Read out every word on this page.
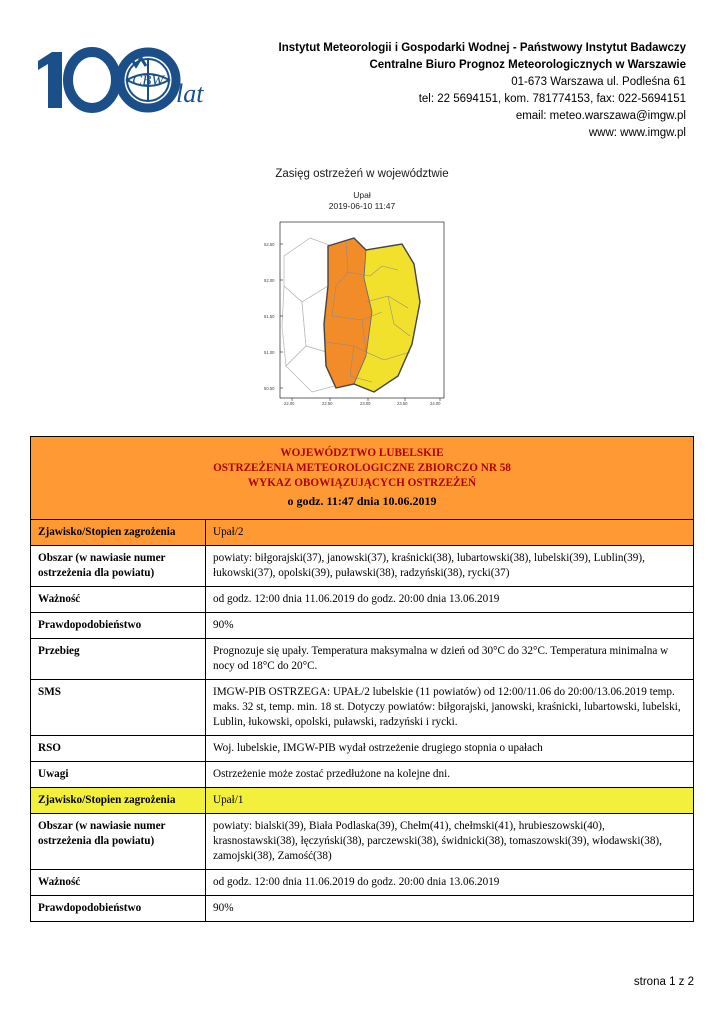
CBW lat
Instytut Meteorologii i Gospodarki Wodnej - Państwowy Instytut Badawczy
Centralne Biuro Prognoz Meteorologicznych w Warszawie
01-673 Warszawa ul. Podleśna 61
tel: 22 5694151, kom. 781774153, fax: 022-5694151
email: meteo.warszawa@imgw.pl
www: www.imgw.pl
Zasięg ostrzeżeń w województwie
Upał
2019-06-10 11:47
22.00	22.50	23.00	23.50	24.00
52.50
52.00
51.50
51.00
50.50
WOJEWÓDZTWO LUBELSKIE
OSTRZEŻENIA METEOROLOGICZNE ZBIORCZO NR 58
WYKAZ OBOWIĄZUJĄCYCH OSTRZEŻEŃ
o godz. 11:47 dnia 10.06.2019	

Zjawisko/Stopien zagrożenia	Upał/2
Obszar (w nawiasie numer ostrzeżenia dla powiatu)	powiaty: biłgorajski(37), janowski(37), kraśnicki(38), lubartowski(38), lubelski(39), Lublin(39), łukowski(37), opolski(39), puławski(38), radzyński(38), rycki(37)
Ważność	od godz. 12:00 dnia 11.06.2019 do godz. 20:00 dnia 13.06.2019
Prawdopodobieństwo	90%
Przebieg	Prognozuje się upały. Temperatura maksymalna w dzień od 30°C do 32°C. Temperatura minimalna w nocy od 18°C do 20°C.
SMS	IMGW-PIB OSTRZEGA: UPAŁ/2 lubelskie (11 powiatów) od 12:00/11.06 do 20:00/13.06.2019 temp. maks. 32 st, temp. min. 18 st. Dotyczy powiatów: biłgorajski, janowski, kraśnicki, lubartowski, lubelski, Lublin, łukowski, opolski, puławski, radzyński i rycki.
RSO	Woj. lubelskie, IMGW-PIB wydał ostrzeżenie drugiego stopnia o upałach
Uwagi	Ostrzeżenie może zostać przedłużone na kolejne dni.
Zjawisko/Stopien zagrożenia	Upał/1
Obszar (w nawiasie numer ostrzeżenia dla powiatu)	powiaty: bialski(39), Biała Podlaska(39), Chełm(41), chełmski(41), hrubieszowski(40), krasnostawski(38), łęczyński(38), parczewski(38), świdnicki(38), tomaszowski(39), włodawski(38), zamojski(38), Zamość(38)
Ważność	od godz. 12:00 dnia 11.06.2019 do godz. 20:00 dnia 13.06.2019
Prawdopodobieństwo	90%
strona 1 z 2
